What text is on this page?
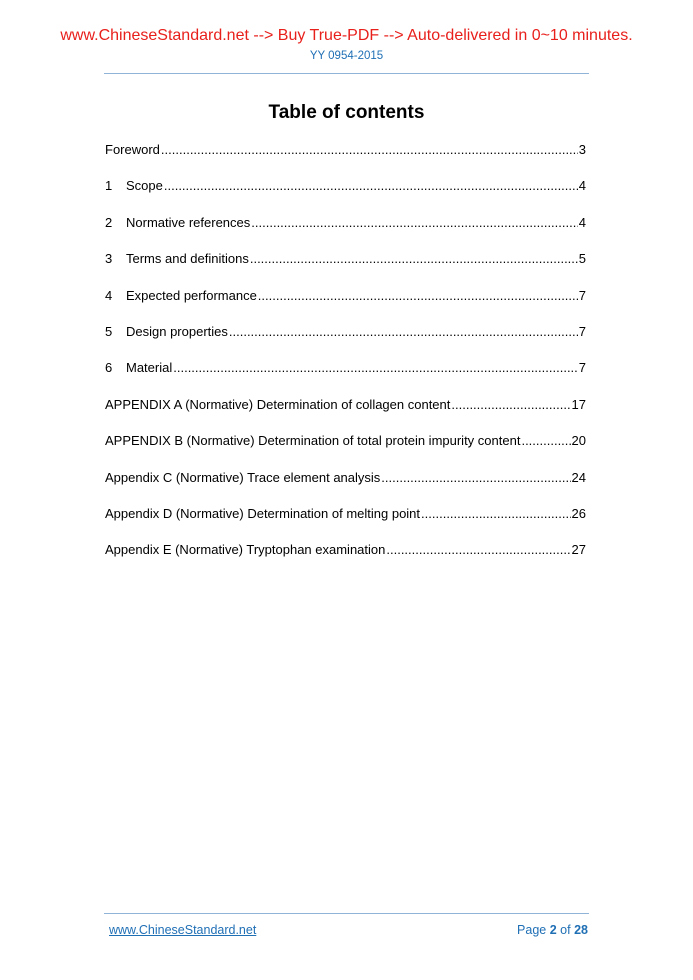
www.ChineseStandard.net --> Buy True-PDF --> Auto-delivered in 0~10 minutes.
YY 0954-2015
Table of contents
Foreword .....	3
1	Scope .....	4
2	Normative references .....	4
3	Terms and definitions .....	5
4	Expected performance .....	7
5	Design properties .....	7
6	Material .....	7
APPENDIX A (Normative) Determination of collagen content .....	17
APPENDIX B (Normative) Determination of total protein impurity content .....	20
Appendix C (Normative) Trace element analysis .....	24
Appendix D (Normative) Determination of melting point .....	26
Appendix E (Normative) Tryptophan examination .....	27
www.ChineseStandard.net	Page 2 of 28
